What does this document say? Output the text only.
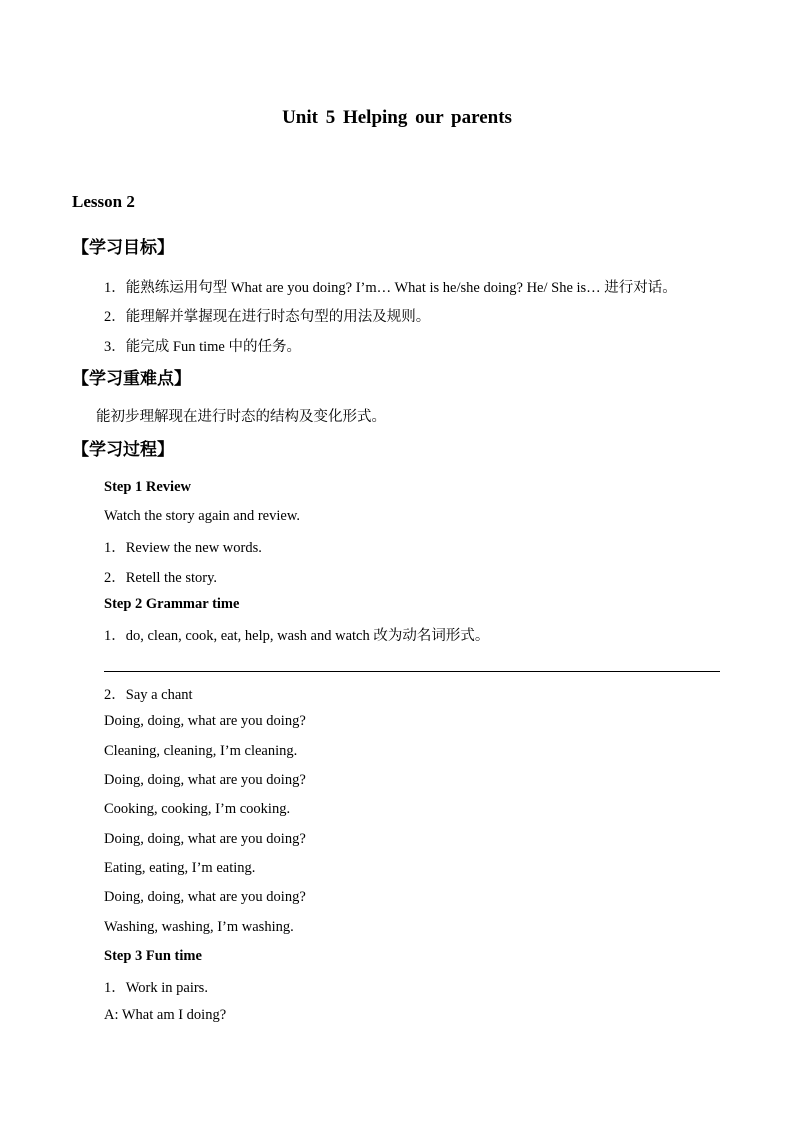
Unit 5 Helping our parents
Lesson 2
【学习目标】
1．能熟练运用句型 What are you doing? I’m… What is he/she doing? He/ She is… 进行对话。
2．能理解并掌握现在进行时态句型的用法及规则。
3．能完成 Fun time 中的任务。
【学习重难点】
能初步理解现在进行时态的结构及变化形式。
【学习过程】
Step 1 Review
Watch the story again and review.
1．Review the new words.
2．Retell the story.
Step 2 Grammar time
1．do, clean, cook, eat, help, wash and watch 改为动名词形式。
2．Say a chant
Doing, doing, what are you doing?
Cleaning, cleaning, I’m cleaning.
Doing, doing, what are you doing?
Cooking, cooking, I’m cooking.
Doing, doing, what are you doing?
Eating, eating, I’m eating.
Doing, doing, what are you doing?
Washing, washing, I’m washing.
Step 3 Fun time
1．Work in pairs.
A: What am I doing?
